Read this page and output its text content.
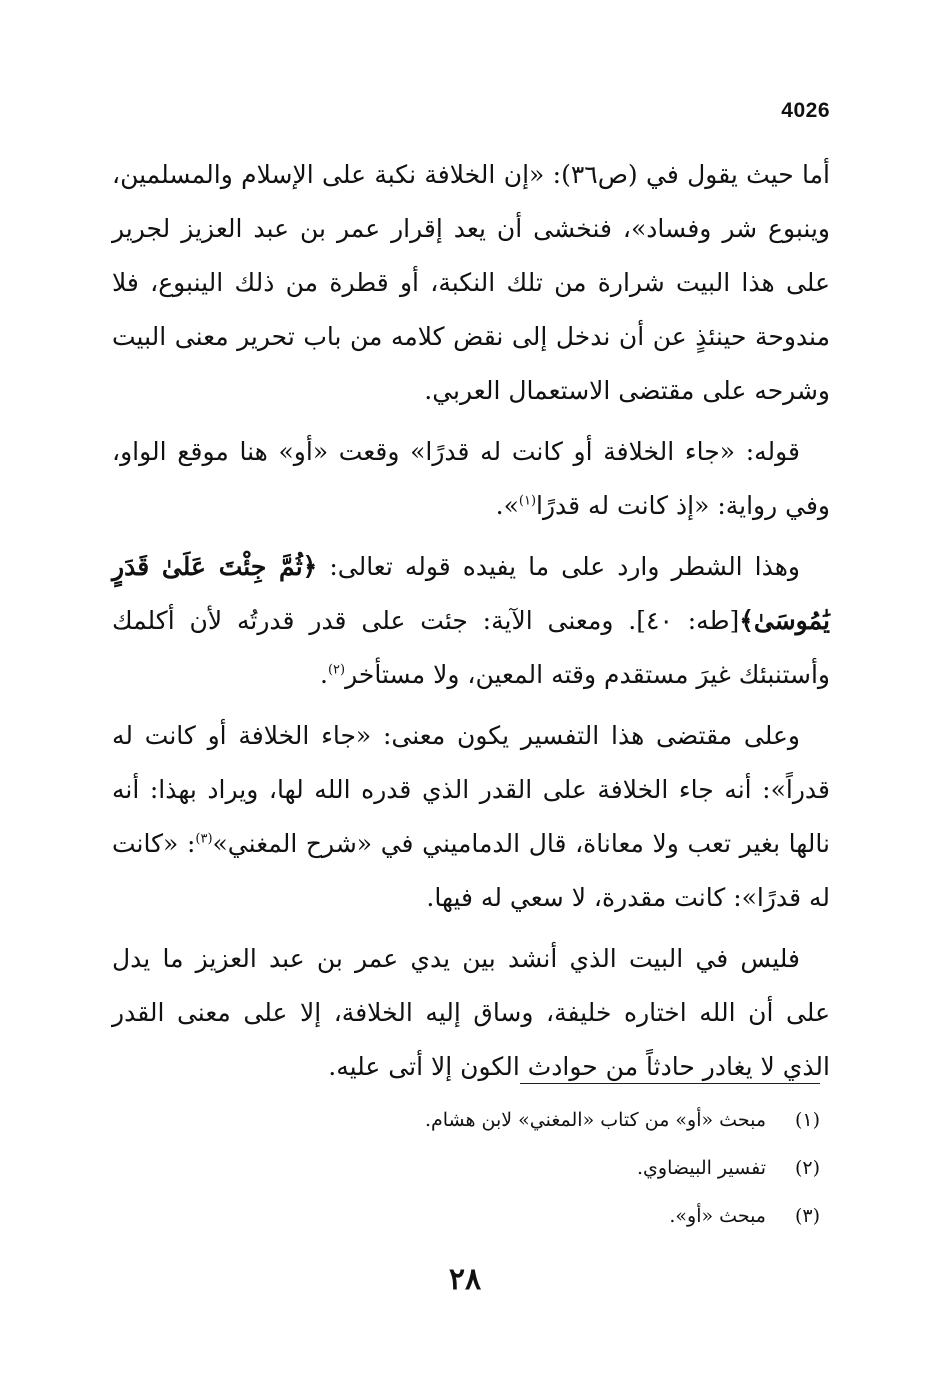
4026

أما حيث يقول في (ص٣٦): «إن الخلافة نكبة على الإسلام والمسلمين، وينبوع شر وفساد»، فنخشى أن يعد إقرار عمر بن عبد العزيز لجرير على هذا البيت شرارة من تلك النكبة، أو قطرة من ذلك الينبوع، فلا مندوحة حينئذٍ عن أن ندخل إلى نقض كلامه من باب تحرير معنى البيت وشرحه على مقتضى الاستعمال العربي.

قوله: «جاء الخلافة أو كانت له قدرًا» وقعت «أو» هنا موقع الواو، وفي رواية: «إذ كانت له قدرًا$^{(١)}$».

وهذا الشطر وارد على ما يفيده قوله تعالى: ﴿ثُمَّ جِئْتَ عَلَىٰ قَدَرٍ يَٰمُوسَىٰ﴾[طه: ٤٠]. ومعنى الآية: جئت على قدر قدرتُه لأن أكلمك وأستنبئك غيرَ مستقدم وقته المعين، ولا مستأخر$^{(٢)}$.

وعلى مقتضى هذا التفسير يكون معنى: «جاء الخلافة أو كانت له قدراً»: أنه جاء الخلافة على القدر الذي قدره الله لها، ويراد بهذا: أنه نالها بغير تعب ولا معاناة، قال الدماميني في «شرح المغني»$^{(٣)}$: «كانت له قدرًا»: كانت مقدرة، لا سعي له فيها.

فليس في البيت الذي أنشد بين يدي عمر بن عبد العزيز ما يدل على أن الله اختاره خليفة، وساق إليه الخلافة، إلا على معنى القدر الذي لا يغادر حادثاً من حوادث الكون إلا أتى عليه.

(١)مبحث «أو» من كتاب «المغني» لابن هشام.
(٢)تفسير البيضاوي.
(٣)مبحث «أو».
٢٨
